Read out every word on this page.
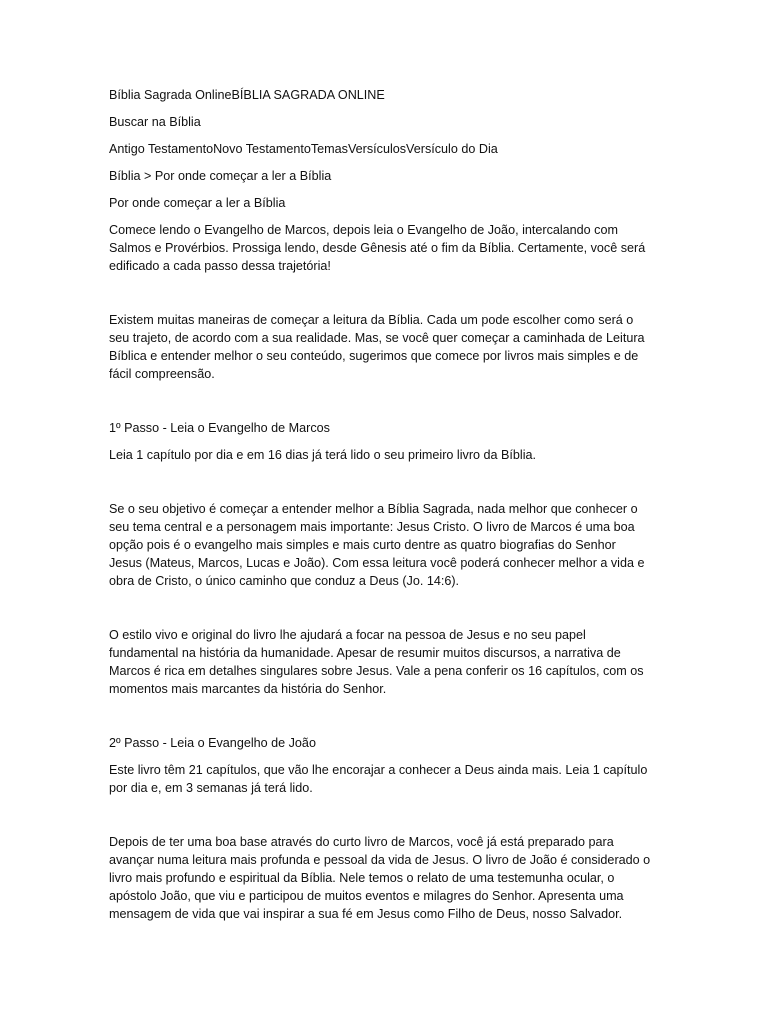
Bíblia Sagrada OnlineBÍBLIA SAGRADA ONLINE

Buscar na Bíblia

Antigo TestamentoNovo TestamentoTemasVersículosVersículo do Dia

Bíblia > Por onde começar a ler a Bíblia

Por onde começar a ler a Bíblia

Comece lendo o Evangelho de Marcos, depois leia o Evangelho de João, intercalando com

Salmos e Provérbios. Prossiga lendo, desde Gênesis até o fim da Bíblia. Certamente, você será

edificado a cada passo dessa trajetória!

Existem muitas maneiras de começar a leitura da Bíblia. Cada um pode escolher como será o

seu trajeto, de acordo com a sua realidade. Mas, se você quer começar a caminhada de Leitura

Bíblica e entender melhor o seu conteúdo, sugerimos que comece por livros mais simples e de

fácil compreensão.

1º Passo - Leia o Evangelho de Marcos

Leia 1 capítulo por dia e em 16 dias já terá lido o seu primeiro livro da Bíblia.

Se o seu objetivo é começar a entender melhor a Bíblia Sagrada, nada melhor que conhecer o

seu tema central e a personagem mais importante: Jesus Cristo. O livro de Marcos é uma boa

opção pois é o evangelho mais simples e mais curto dentre as quatro biografias do Senhor

Jesus (Mateus, Marcos, Lucas e João). Com essa leitura você poderá conhecer melhor a vida e

obra de Cristo, o único caminho que conduz a Deus (Jo. 14:6).

O estilo vivo e original do livro lhe ajudará a focar na pessoa de Jesus e no seu papel

fundamental na história da humanidade. Apesar de resumir muitos discursos, a narrativa de

Marcos é rica em detalhes singulares sobre Jesus. Vale a pena conferir os 16 capítulos, com os

momentos mais marcantes da história do Senhor.

2º Passo - Leia o Evangelho de João

Este livro têm 21 capítulos, que vão lhe encorajar a conhecer a Deus ainda mais. Leia 1 capítulo

por dia e, em 3 semanas já terá lido.

Depois de ter uma boa base através do curto livro de Marcos, você já está preparado para

avançar numa leitura mais profunda e pessoal da vida de Jesus. O livro de João é considerado o

livro mais profundo e espiritual da Bíblia. Nele temos o relato de uma testemunha ocular, o

apóstolo João, que viu e participou de muitos eventos e milagres do Senhor. Apresenta uma

mensagem de vida que vai inspirar a sua fé em Jesus como Filho de Deus, nosso Salvador.
